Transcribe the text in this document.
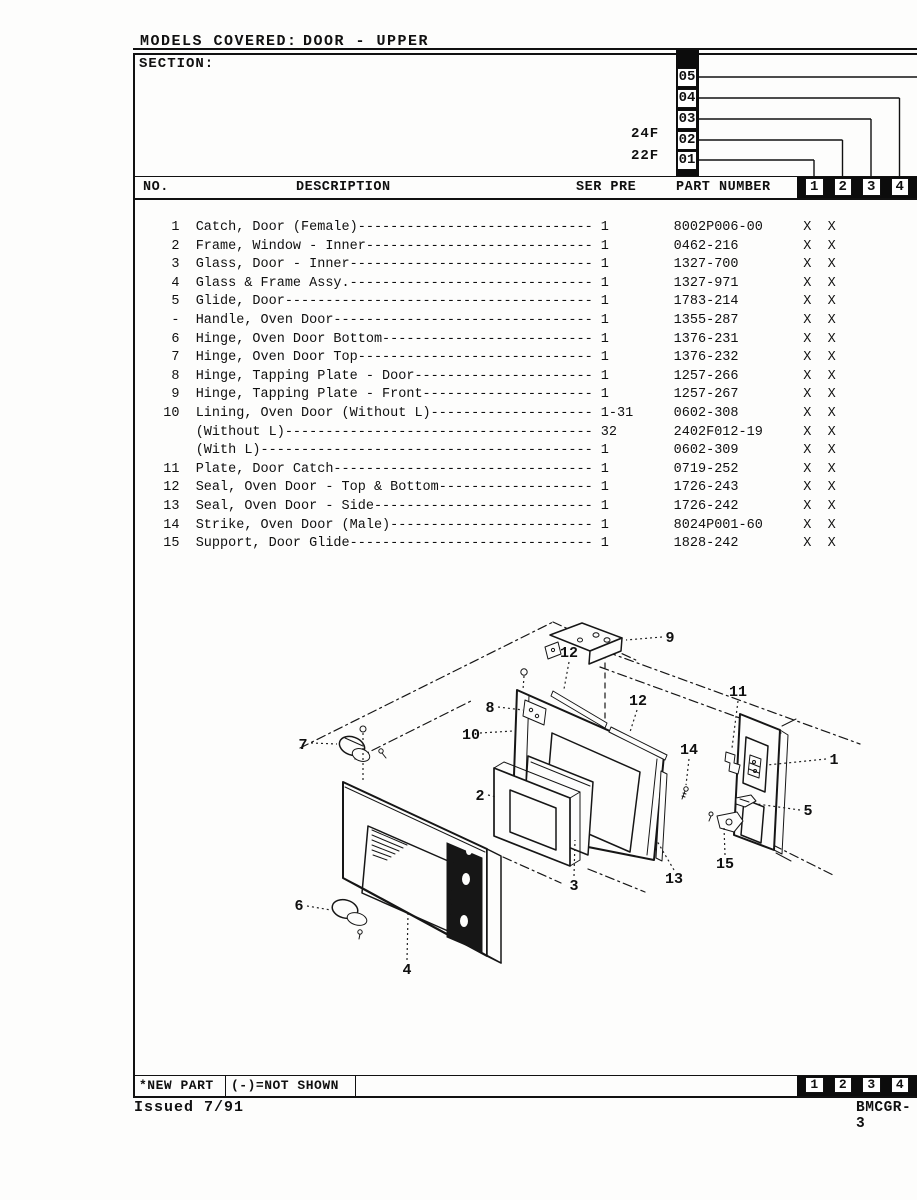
MODELS COVERED: DOOR - UPPER
SECTION:
05
04
03
02
01
24F
22F
NO.	DESCRIPTION	SER PRE	PART NUMBER	1	2	3	4
1  Catch, Door (Female)----------------------------- 1        8002P006-00     X  X
2  Frame, Window - Inner---------------------------- 1        0462-216        X  X
3  Glass, Door - Inner------------------------------ 1        1327-700        X  X
4  Glass & Frame Assy.------------------------------ 1        1327-971        X  X
5  Glide, Door-------------------------------------- 1        1783-214        X  X
-  Handle, Oven Door-------------------------------- 1        1355-287        X  X
6  Hinge, Oven Door Bottom-------------------------- 1        1376-231        X  X
7  Hinge, Oven Door Top----------------------------- 1        1376-232        X  X
8  Hinge, Tapping Plate - Door---------------------- 1        1257-266        X  X
9  Hinge, Tapping Plate - Front--------------------- 1        1257-267        X  X
10  Lining, Oven Door (Without L)-------------------- 1-31     0602-308        X  X
(Without L)-------------------------------------- 32       2402F012-19     X  X
(With L)----------------------------------------- 1        0602-309        X  X
11  Plate, Door Catch-------------------------------- 1        0719-252        X  X
12  Seal, Oven Door - Top & Bottom------------------- 1        1726-243        X  X
13  Seal, Oven Door - Side--------------------------- 1        1726-242        X  X
14  Strike, Oven Door (Male)------------------------- 1        8024P001-60     X  X
15  Support, Door Glide------------------------------ 1        1828-242        X  X
9
12
12
8
10
7
11
1
14
2
5
13
15
3
6
4
*NEW PART (-)=NOT SHOWN	1	2	3	4
Issued 7/91	BMCGR-3
